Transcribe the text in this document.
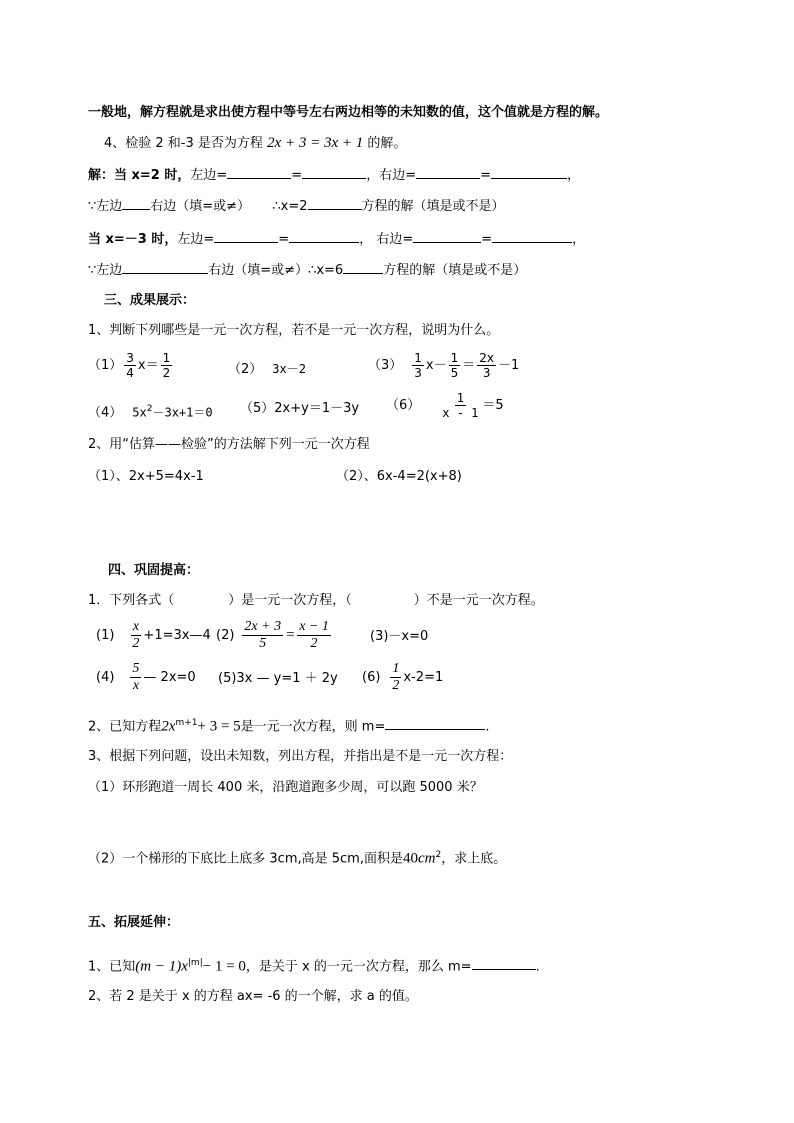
一般地，解方程就是求出使方程中等号左右两边相等的未知数的值，这个值就是方程的解。
4、检验 2 和-3 是否为方程 2x + 3 = 3x + 1 的解。
解：当 x=2 时，左边=	=	，右边=	=	，
∵左边 右边（填=或≠） ∴x=2	方程的解（填是或不是）
当 x=－3 时，左边=	=	， 右边=	=	，
∵左边	右边（填=或≠）∴x=6	方程的解（填是或不是）
三、成果展示：
1、判断下列哪些是一元一次方程，若不是一元一次方程，说明为什么。
$(1) \frac{3}{4} x= \frac{1}{2}$	（2） 3x－2	$(3) \frac{1}{3} x- \frac{1}{5} = \frac{2x}{3} -1$
（4） $5x^2-3x+1=0$ （5）2x+y＝1－3y $(6) \frac{1}{x - 1} =5$
2、用“估算——检验”的方法解下列一元一次方程
（1）、2x+5=4x-1	（2）、6x-4=2(x+8)
四、巩固提高：
1．下列各式（	）是一元一次方程，（	）不是一元一次方程。
$(1) \frac{x}{2}$ +1=3x—4 $(2) \frac{2x + 3}{5} = \frac{x - 1}{2}$	(3)－x=0
$(4) \frac{5}{x}$ — 2x=0 (5)3x — y=1 ＋ 2y $(6) \frac{1}{2} x-2=1$
2、已知方程$2x^{m+1}+ 3 = 5$是一元一次方程，则 m=	.
3、根据下列问题，设出未知数，列出方程，并指出是不是一元一次方程：
（1）环形跑道一周长 400 米，沿跑道跑多少周，可以跑 5000 米？
（2）一个梯形的下底比上底多 3cm,高是 5cm,面积是$40cm^2$，求上底。
五、拓展延伸：
1、已知$(m - 1)x^{|m|}- 1 = 0$，是关于 x 的一元一次方程，那么 m=	.
2、若 2 是关于 x 的方程 ax= -6 的一个解，求 a 的值。
